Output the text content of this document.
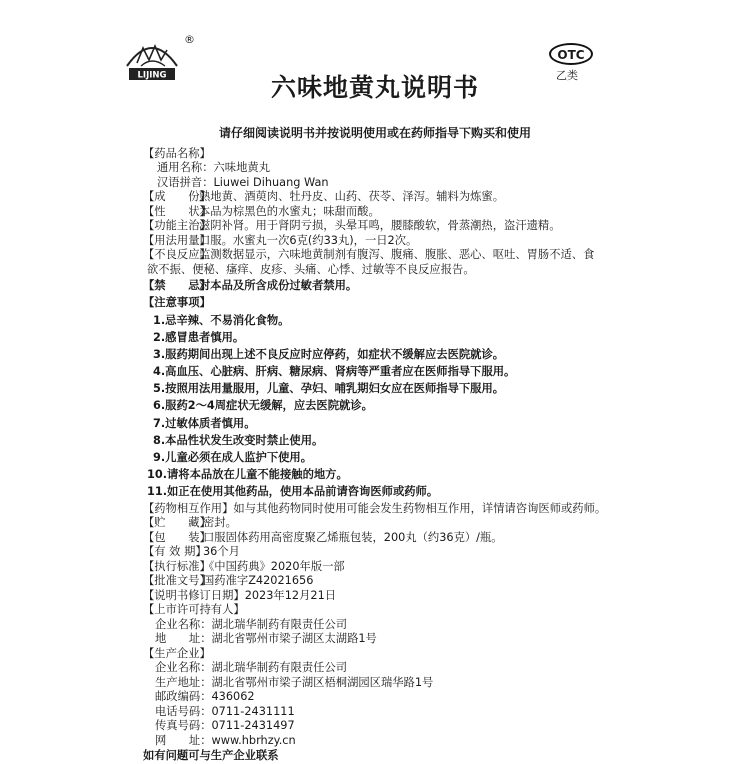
LIJING
®
OTC
乙类
六味地黄丸说明书
请仔细阅读说明书并按说明使用或在药师指导下购买和使用
【药品名称】
通用名称：六味地黄丸
汉语拼音：Liuwei Dihuang Wan
【成　　份】熟地黄、酒萸肉、牡丹皮、山药、茯苓、泽泻。辅料为炼蜜。
【性　　状】本品为棕黑色的水蜜丸；味甜而酸。
【功能主治】滋阴补肾。用于肾阴亏损，头晕耳鸣，腰膝酸软，骨蒸潮热，盗汗遗精。
【用法用量】口服。水蜜丸一次6克(约33丸)，一日2次。
【不良反应】监测数据显示，六味地黄制剂有腹泻、腹痛、腹胀、恶心、呕吐、胃肠不适、食
欲不振、便秘、瘙痒、皮疹、头痛、心悸、过敏等不良反应报告。
【禁　　忌】对本品及所含成份过敏者禁用。
【注意事项】
1.忌辛辣、不易消化食物。
2.感冒患者慎用。
3.服药期间出现上述不良反应时应停药，如症状不缓解应去医院就诊。
4.高血压、心脏病、肝病、糖尿病、肾病等严重者应在医师指导下服用。
5.按照用法用量服用，儿童、孕妇、哺乳期妇女应在医师指导下服用。
6.服药2～4周症状无缓解，应去医院就诊。
7.过敏体质者慎用。
8.本品性状发生改变时禁止使用。
9.儿童必须在成人监护下使用。
10.请将本品放在儿童不能接触的地方。
11.如正在使用其他药品，使用本品前请咨询医师或药师。
【药物相互作用】如与其他药物同时使用可能会发生药物相互作用，详情请咨询医师或药师。
【贮　　藏】密封。
【包　　装】口服固体药用高密度聚乙烯瓶包装，200丸（约36克）/瓶。
【有 效 期】36个月
【执行标准】《中国药典》2020年版一部
【批准文号】国药准字Z42021656
【说明书修订日期】2023年12月21日
【上市许可持有人】
企业名称：湖北瑞华制药有限责任公司
地　　址：湖北省鄂州市梁子湖区太湖路1号
【生产企业】
企业名称：湖北瑞华制药有限责任公司
生产地址：湖北省鄂州市梁子湖区梧桐湖园区瑞华路1号
邮政编码：436062
电话号码：0711-2431111
传真号码：0711-2431497
网　　址：www.hbrhzy.cn
如有问题可与生产企业联系
